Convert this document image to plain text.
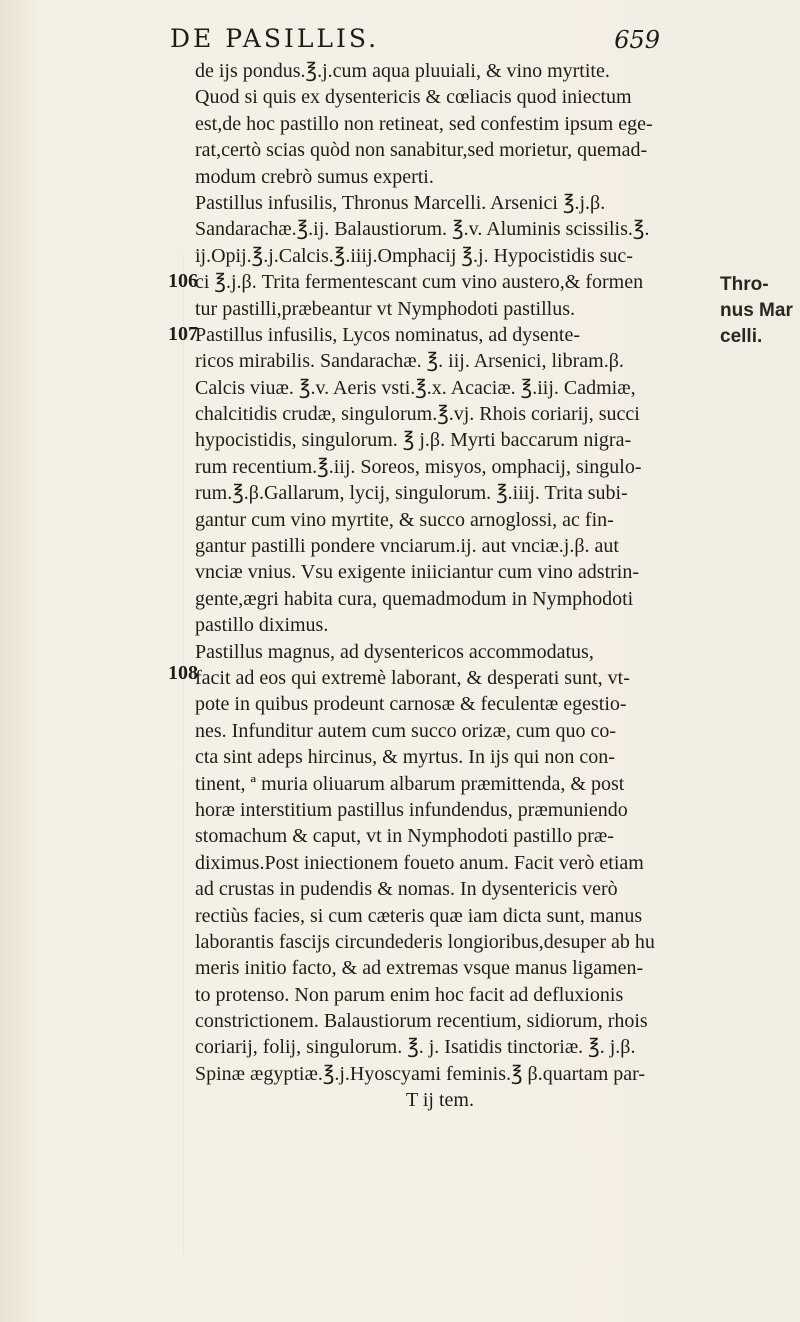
DE PASILLIS.	659
106
107
108
Thro-
nus Mar
celli.
de ijs pondus.℥.j.cum aqua pluuiali, & vino myrtite.
Quod si quis ex dysentericis & cœliacis quod iniectum
est,de hoc pastillo non retineat, sed confestim ipsum ege-
rat,certò scias quòd non sanabitur,sed morietur, quemad-
modum crebrò sumus experti.
Pastillus infusilis, Thronus Marcelli. Arsenici ℥.j.β.
Sandarachæ.℥.ij. Balaustiorum. ℥.v. Aluminis scissilis.℥.
ij.Opij.℥.j.Calcis.℥.iiij.Omphacij ℥.j. Hypocistidis suc-
ci ℥.j.β. Trita fermentescant cum vino austero,& formen
tur pastilli,præbeantur vt Nymphodoti pastillus.
Pastillus infusilis, Lycos nominatus, ad dysente-
ricos mirabilis. Sandarachæ. ℥. iij. Arsenici, libram.β.
Calcis viuæ. ℥.v. Aeris vsti.℥.x. Acaciæ. ℥.iij. Cadmiæ,
chalcitidis crudæ, singulorum.℥.vj. Rhois coriarij, succi
hypocistidis, singulorum. ℥ j.β. Myrti baccarum nigra-
rum recentium.℥.iij. Soreos, misyos, omphacij, singulo-
rum.℥.β.Gallarum, lycij, singulorum. ℥.iiij. Trita subi-
gantur cum vino myrtite, & succo arnoglossi, ac fin-
gantur pastilli pondere vnciarum.ij. aut vnciæ.j.β. aut
vnciæ vnius. Vsu exigente iniiciantur cum vino adstrin-
gente,ægri habita cura, quemadmodum in Nymphodoti
pastillo diximus.
Pastillus magnus, ad dysentericos accommodatus,
facit ad eos qui extremè laborant, & desperati sunt, vt-
pote in quibus prodeunt carnosæ & feculentæ egestio-
nes. Infunditur autem cum succo orizæ, cum quo co-
cta sint adeps hircinus, & myrtus. In ijs qui non con-
tinent, ª muria oliuarum albarum præmittenda, & post
horæ interstitium pastillus infundendus, præmuniendo
stomachum & caput, vt in Nymphodoti pastillo præ-
diximus.Post iniectionem foueto anum. Facit verò etiam
ad crustas in pudendis & nomas. In dysentericis verò
rectiùs facies, si cum cæteris quæ iam dicta sunt, manus
laborantis fascijs circundederis longioribus,desuper ab hu
meris initio facto, & ad extremas vsque manus ligamen-
to protenso. Non parum enim hoc facit ad defluxionis
constrictionem. Balaustiorum recentium, sidiorum, rhois
coriarij, folij, singulorum. ℥. j. Isatidis tinctoriæ. ℥. j.β.
Spinæ ægyptiæ.℥.j.Hyoscyami feminis.℥ β.quartam par-
T ij tem.
